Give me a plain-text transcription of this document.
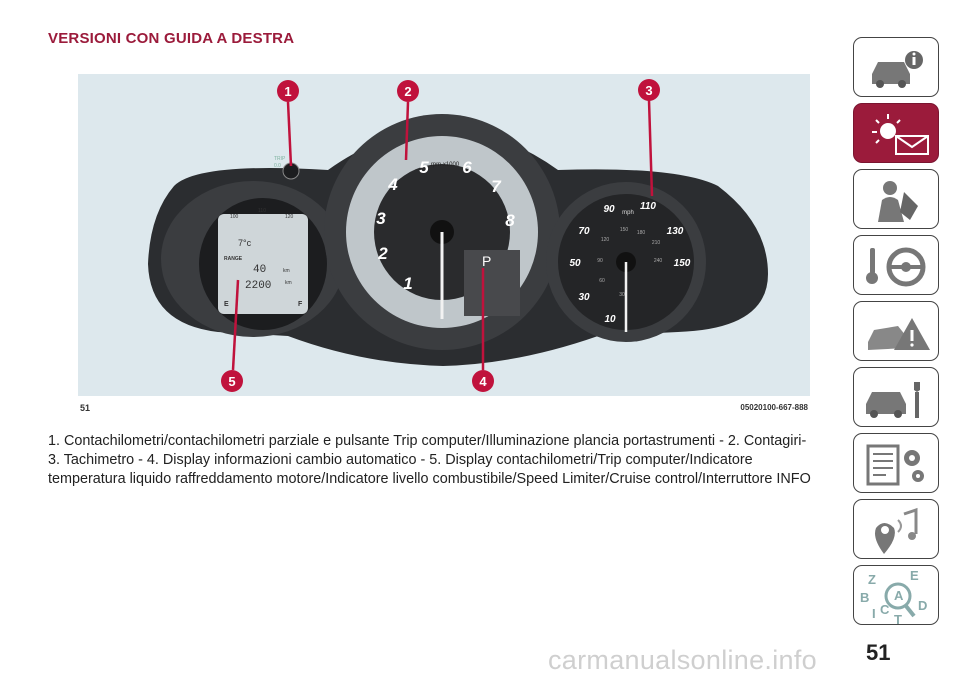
VERSIONI CON GUIDA A DESTRA
1	2	3
4
5
1
2
3
4
5 6
7
8
rpm x1000
P
10
30
50
70
90	110
130
150
mph
30
60
90
120
150 180
210
240
100
110
120
7°c
RANGE
40	km
2200	km
E	F
TRIP
0.0
51	05020100-667-888
1. Contachilometri/contachilometri parziale e pulsante Trip computer/Illuminazione plancia portastrumenti - 2. Contagiri- 3. Tachimetro - 4. Display informazioni cambio automatico - 5. Display contachilometri/Trip computer/Indicatore temperatura liquido raffreddamento motore/Indicatore livello combustibile/Speed Limiter/Cruise control/Interruttore INFO
Z	E
A
B
C
I
D
T
carmanualsonline.info 51
